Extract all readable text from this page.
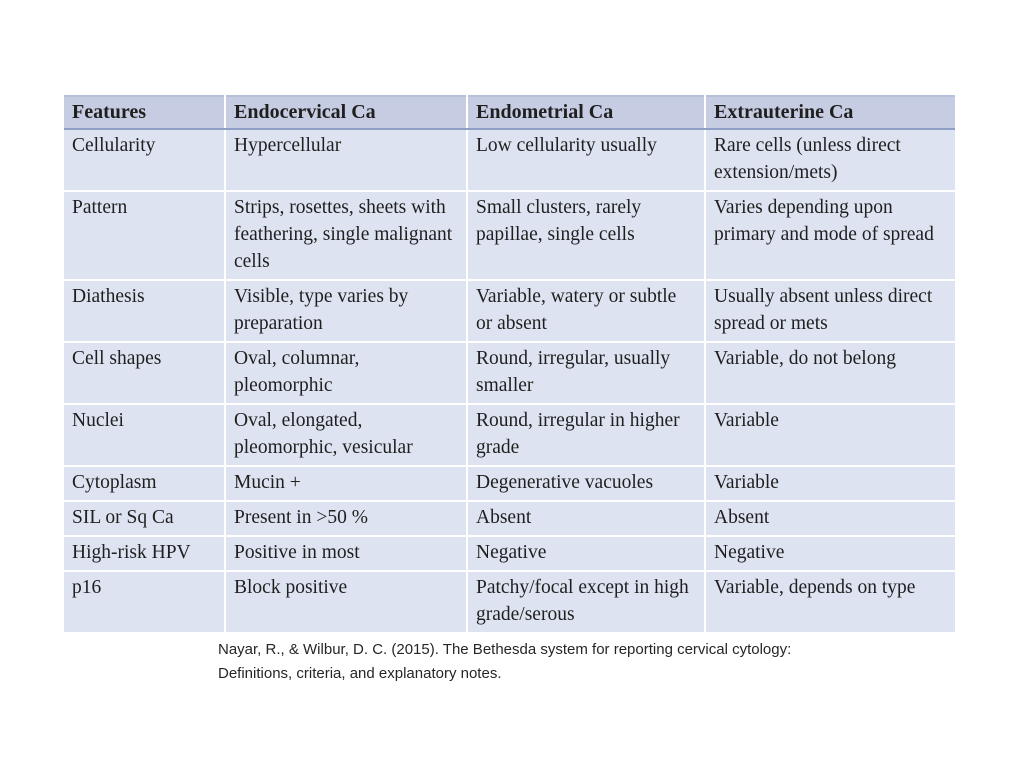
Features	Endocervical Ca	Endometrial Ca	Extrauterine Ca
Cellularity	Hypercellular	Low cellularity usually	Rare cells (unless direct extension/mets)
Pattern	Strips, rosettes, sheets with feathering, single malignant cells	Small clusters, rarely papillae, single cells	Varies depending upon primary and mode of spread
Diathesis	Visible, type varies by preparation	Variable, watery or subtle or absent	Usually absent unless direct spread or mets
Cell shapes	Oval, columnar, pleomorphic	Round, irregular, usually smaller	Variable, do not belong
Nuclei	Oval, elongated, pleomorphic, vesicular	Round, irregular in higher grade	Variable
Cytoplasm	Mucin +	Degenerative vacuoles	Variable
SIL or Sq Ca	Present in >50 %	Absent	Absent
High-risk HPV	Positive in most	Negative	Negative
p16	Block positive	Patchy/focal except in high grade/serous	Variable, depends on type
Nayar, R., & Wilbur, D. C. (2015). The Bethesda system for reporting cervical cytology:
Definitions, criteria, and explanatory notes.
